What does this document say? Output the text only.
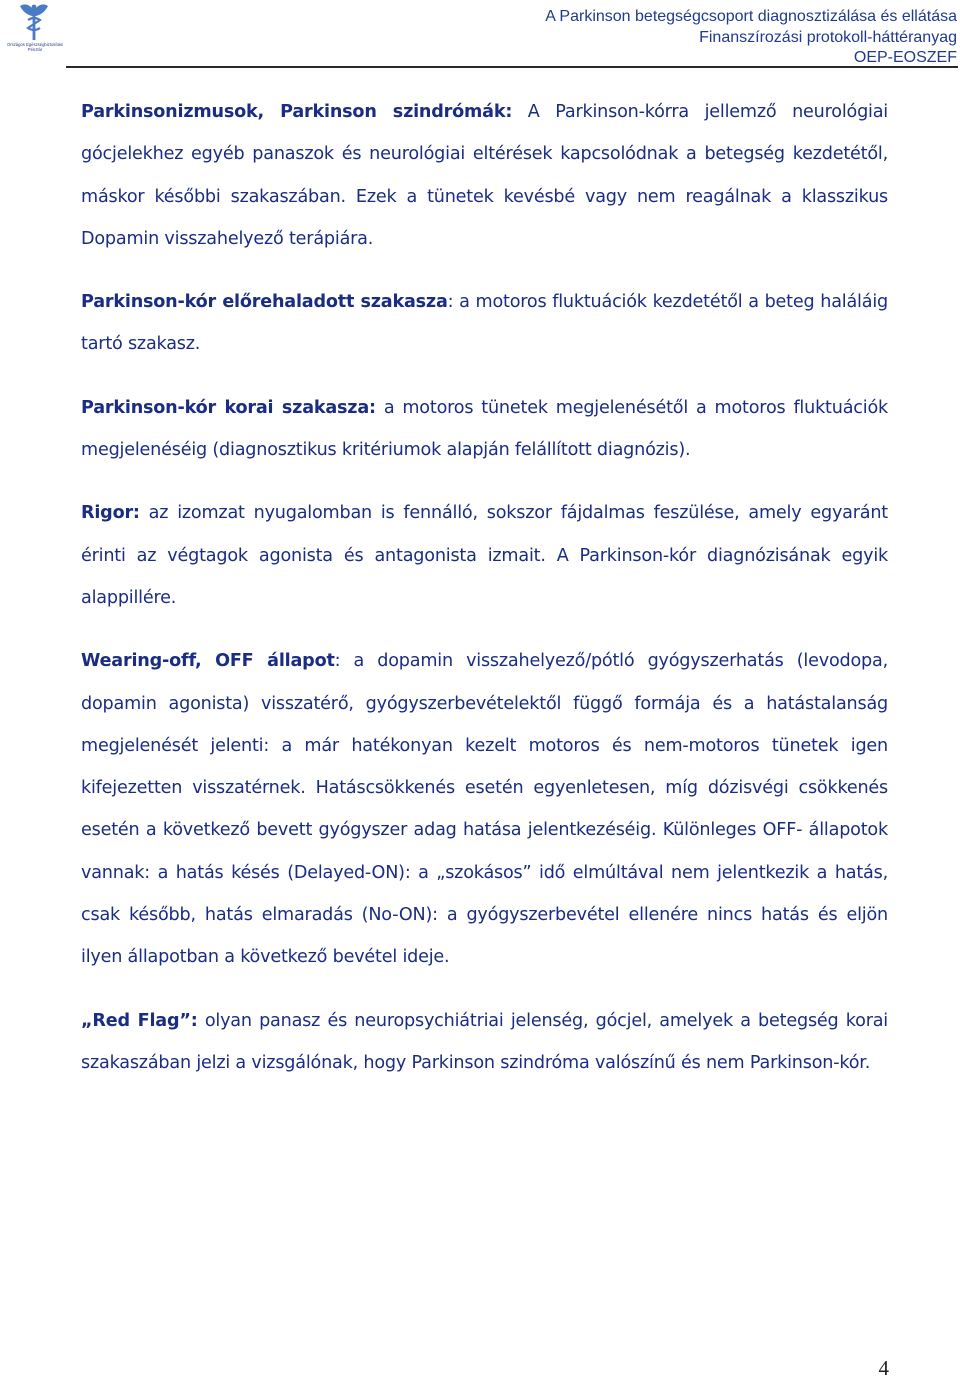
Országos Egészségbiztosítási Pénztár
A Parkinson betegségcsoport diagnosztizálása és ellátása
Finanszírozási protokoll-háttéranyag
OEP-EOSZEF

Parkinsonizmusok, Parkinson szindrómák: A Parkinson-kórra jellemző neurológiai gócjelekhez egyéb panaszok és neurológiai eltérések kapcsolódnak a betegség kezdetétől, máskor későbbi szakaszában. Ezek a tünetek kevésbé vagy nem reagálnak a klasszikus Dopamin visszahelyező terápiára.

Parkinson-kór előrehaladott szakasza: a motoros fluktuációk kezdetétől a beteg haláláig tartó szakasz.

Parkinson-kór korai szakasza: a motoros tünetek megjelenésétől a motoros fluktuációk megjelenéséig (diagnosztikus kritériumok alapján felállított diagnózis).

Rigor: az izomzat nyugalomban is fennálló, sokszor fájdalmas feszülése, amely egyaránt érinti az végtagok agonista és antagonista izmait. A Parkinson-kór diagnózisának egyik alappillére.

Wearing-off, OFF állapot: a dopamin visszahelyező/pótló gyógyszerhatás (levodopa, dopamin agonista) visszatérő, gyógyszerbevételektől függő formája és a hatástalanság megjelenését jelenti: a már hatékonyan kezelt motoros és nem-motoros tünetek igen kifejezetten visszatérnek. Hatáscsökkenés esetén egyenletesen, míg dózisvégi csökkenés esetén a következő bevett gyógyszer adag hatása jelentkezéséig. Különleges OFF- állapotok vannak: a hatás késés (Delayed-ON): a „szokásos” idő elmúltával nem jelentkezik a hatás, csak később, hatás elmaradás (No-ON): a gyógyszerbevétel ellenére nincs hatás és eljön ilyen állapotban a következő bevétel ideje.

„Red Flag”: olyan panasz és neuropsychiátriai jelenség, gócjel, amelyek a betegség korai szakaszában jelzi a vizsgálónak, hogy Parkinson szindróma valószínű és nem Parkinson-kór.

4
